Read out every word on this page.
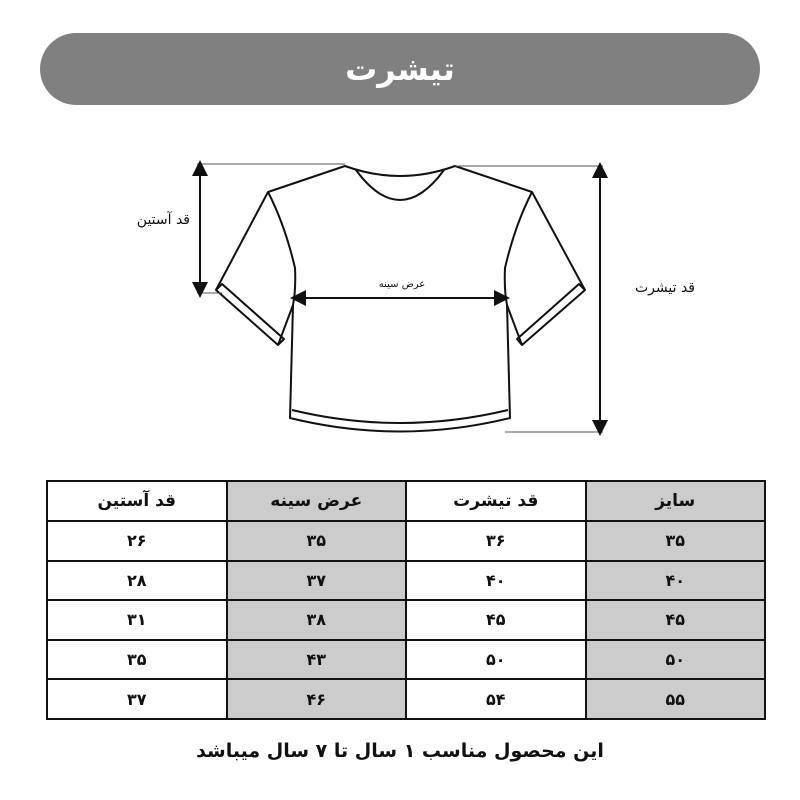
تیشرت
قد آستین
قد تیشرت
عرض سینه
سایز	قد تیشرت	عرض سینه	قد آستین
۳۵	۳۶	۳۵	۲۶
۴۰	۴۰	۳۷	۲۸
۴۵	۴۵	۳۸	۳۱
۵۰	۵۰	۴۳	۳۵
۵۵	۵۴	۴۶	۳۷
این محصول مناسب ۱ سال تا ۷ سال میباشد
